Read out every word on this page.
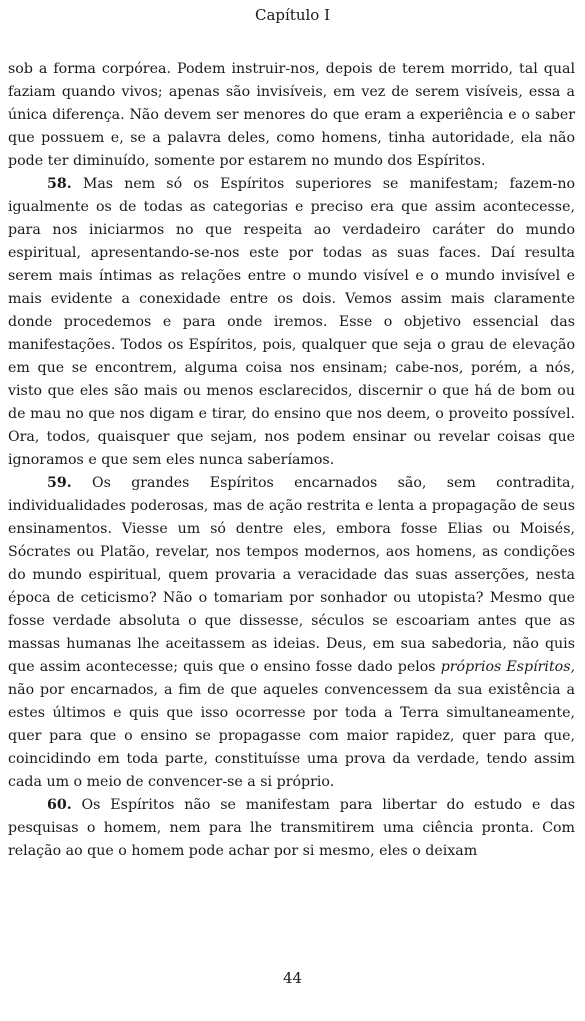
Capítulo I

sob a forma corpórea. Podem instruir-nos, depois de terem morrido, tal qual faziam quando vivos; apenas são invisíveis, em vez de serem visíveis, essa a única diferença. Não devem ser menores do que eram a experiência e o saber que possuem e, se a palavra deles, como homens, tinha autoridade, ela não pode ter diminuído, somente por estarem no mundo dos Espíritos.

58. Mas nem só os Espíritos superiores se manifestam; fazem-no igualmente os de todas as categorias e preciso era que assim acontecesse, para nos iniciarmos no que respeita ao verdadeiro caráter do mundo espiritual, apresentando-se-nos este por todas as suas faces. Daí resulta serem mais íntimas as relações entre o mundo visível e o mundo invisível e mais evidente a conexidade entre os dois. Vemos assim mais claramente donde procedemos e para onde iremos. Esse o objetivo essencial das manifestações. Todos os Espíritos, pois, qualquer que seja o grau de elevação em que se encontrem, alguma coisa nos ensinam; cabe-nos, porém, a nós, visto que eles são mais ou menos esclarecidos, discernir o que há de bom ou de mau no que nos digam e tirar, do ensino que nos deem, o proveito possível. Ora, todos, quaisquer que sejam, nos podem ensinar ou revelar coisas que ignoramos e que sem eles nunca saberíamos.

59. Os grandes Espíritos encarnados são, sem contradita, individualidades poderosas, mas de ação restrita e lenta a propagação de seus ensinamentos. Viesse um só dentre eles, embora fosse Elias ou Moisés, Sócrates ou Platão, revelar, nos tempos modernos, aos homens, as condições do mundo espiritual, quem provaria a veracidade das suas asserções, nesta época de ceticismo? Não o tomariam por sonhador ou utopista? Mesmo que fosse verdade absoluta o que dissesse, séculos se escoariam antes que as massas humanas lhe aceitassem as ideias. Deus, em sua sabedoria, não quis que assim acontecesse; quis que o ensino fosse dado pelos próprios Espíritos, não por encarnados, a fim de que aqueles convencessem da sua existência a estes últimos e quis que isso ocorresse por toda a Terra simultaneamente, quer para que o ensino se propagasse com maior rapidez, quer para que, coincidindo em toda parte, constituísse uma prova da verdade, tendo assim cada um o meio de convencer-se a si próprio.

60. Os Espíritos não se manifestam para libertar do estudo e das pesquisas o homem, nem para lhe transmitirem uma ciência pronta. Com relação ao que o homem pode achar por si mesmo, eles o deixam

44
